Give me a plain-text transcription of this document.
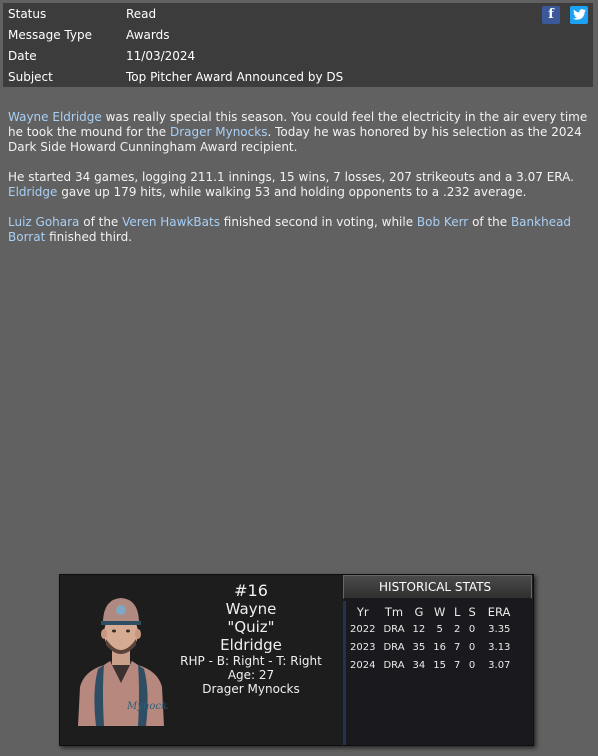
Status	Read
Message Type	Awards
Date	11/03/2024
Subject	Top Pitcher Award Announced by DS
f

Wayne Eldridge was really special this season. You could feel the electricity in the air every time he took the mound for the Drager Mynocks. Today he was honored by his selection as the 2024 Dark Side Howard Cunningham Award recipient.

He started 34 games, logging 211.1 innings, 15 wins, 7 losses, 207 strikeouts and a 3.07 ERA. Eldridge gave up 179 hits, while walking 53 and holding opponents to a .232 average.

Luiz Gohara of the Veren HawkBats finished second in voting, while Bob Kerr of the Bankhead Borrat finished third.

Mynocks
#16
Wayne
"Quiz"
Eldridge
RHP - B: Right - T: Right
Age: 27
Drager Mynocks
HISTORICAL STATS
Yr	Tm	G	W	L	S	ERA
2022	DRA	12	5	2	0	3.35
2023	DRA	35	16	7	0	3.13
2024	DRA	34	15	7	0	3.07
